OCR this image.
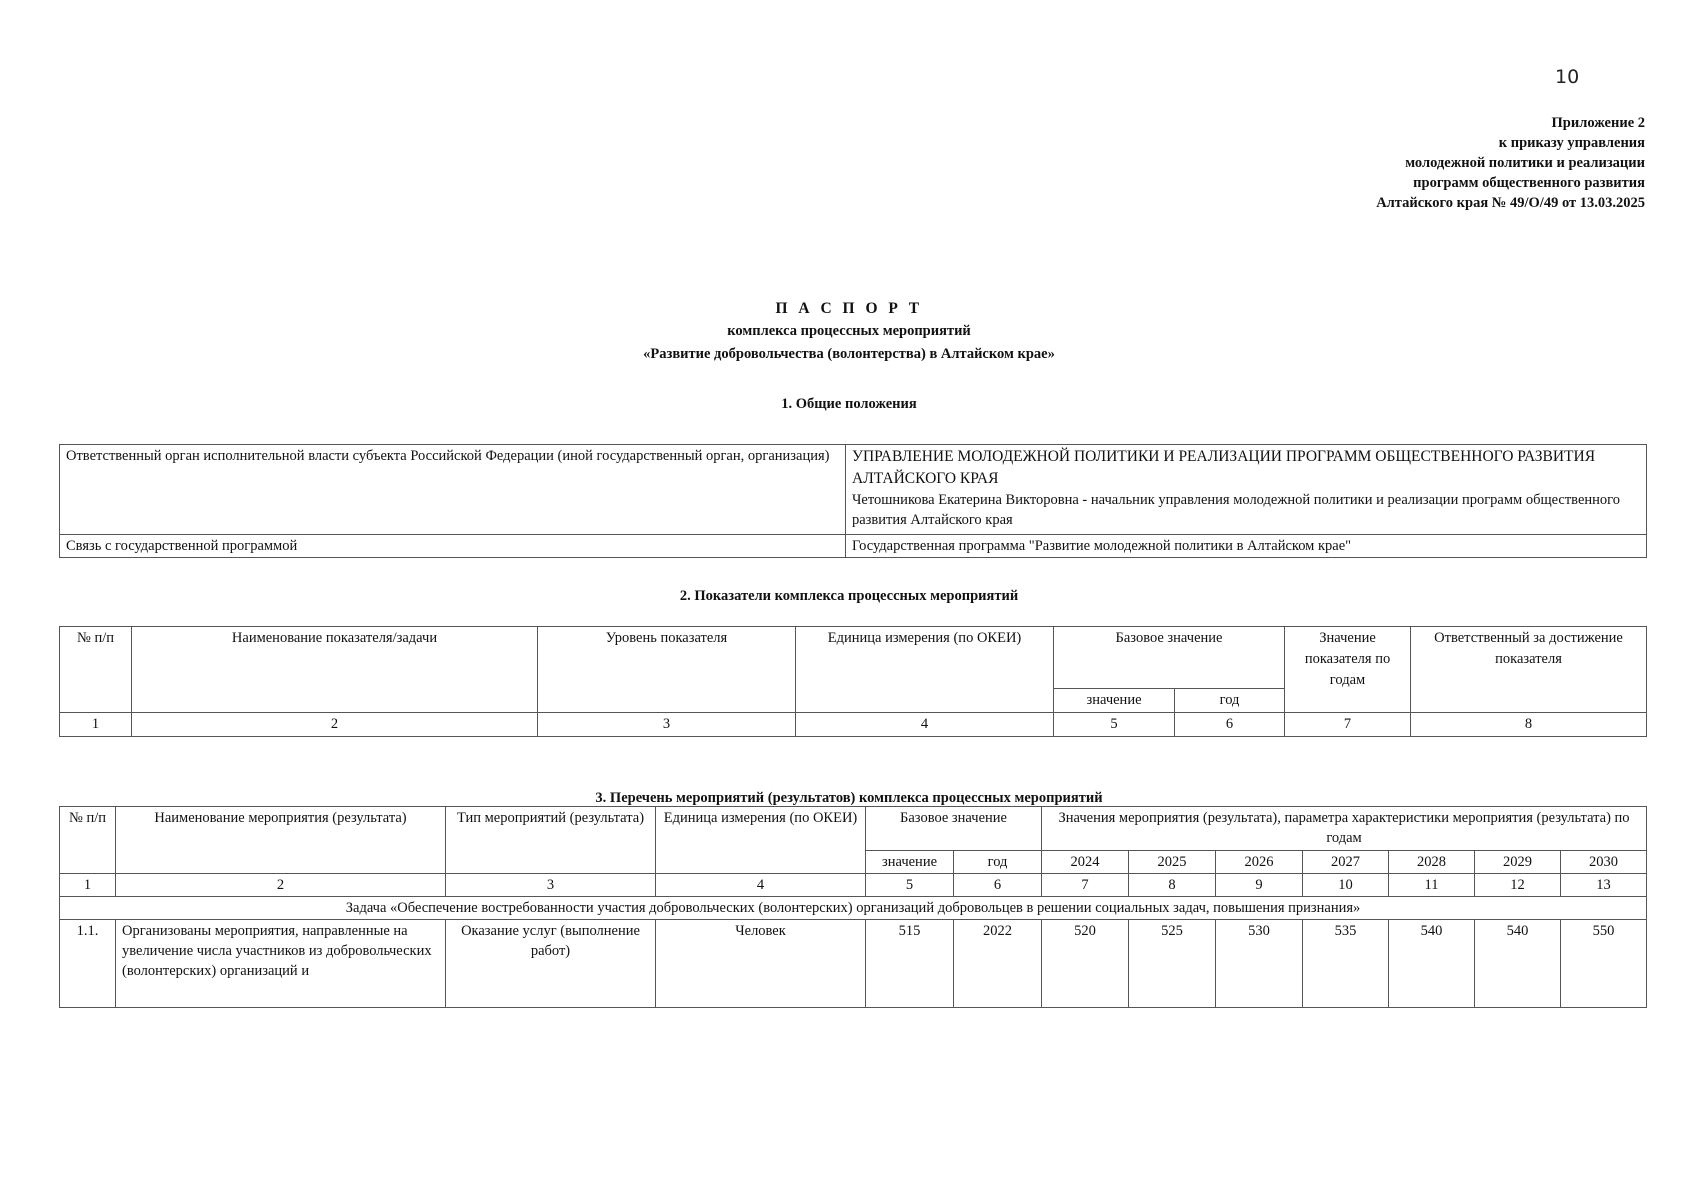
10
Приложение 2
к приказу управления
молодежной политики и реализации
программ общественного развития
Алтайского края № 49/О/49 от 13.03.2025
П А С П О Р Т
комплекса процессных мероприятий
«Развитие добровольчества (волонтерства) в Алтайском крае»
1. Общие положения
Ответственный орган исполнительной власти субъекта Российской Федерации (иной государственный орган, организация)	УПРАВЛЕНИЕ МОЛОДЕЖНОЙ ПОЛИТИКИ И РЕАЛИЗАЦИИ ПРОГРАММ ОБЩЕСТВЕННОГО РАЗВИТИЯ АЛТАЙСКОГО КРАЯ
Четошникова Екатерина Викторовна - начальник управления молодежной политики и реализации программ общественного развития Алтайского края

Связь с государственной программой	Государственная программа "Развитие молодежной политики в Алтайском крае"
2. Показатели комплекса процессных мероприятий
№ п/п	Наименование показателя/задачи	Уровень показателя	Единица измерения (по ОКЕИ)	Базовое значение		Значение показателя по годам	Ответственный за достижение показателя
				значение	год		
1	2	3	4	5	6	7	8
3. Перечень мероприятий (результатов) комплекса процессных мероприятий
№ п/п	Наименование мероприятия (результата)	Тип мероприятий (результата)	Единица измерения (по ОКЕИ)	Базовое значение		Значения мероприятия (результата), параметра характеристики мероприятия (результата) по годам						
				значение	год	2024	2025	2026	2027	2028	2029	2030
1	2	3	4	5	6	7	8	9	10	11	12	13
Задача «Обеспечение востребованности участия добровольческих (волонтерских) организаций добровольцев в решении социальных задач, повышения признания»												
1.1.	Организованы мероприятия, направленные на увеличение числа участников из добровольческих (волонтерских) организаций и	Оказание услуг (выполнение работ)	Человек	515	2022	520	525	530	535	540	540	550
